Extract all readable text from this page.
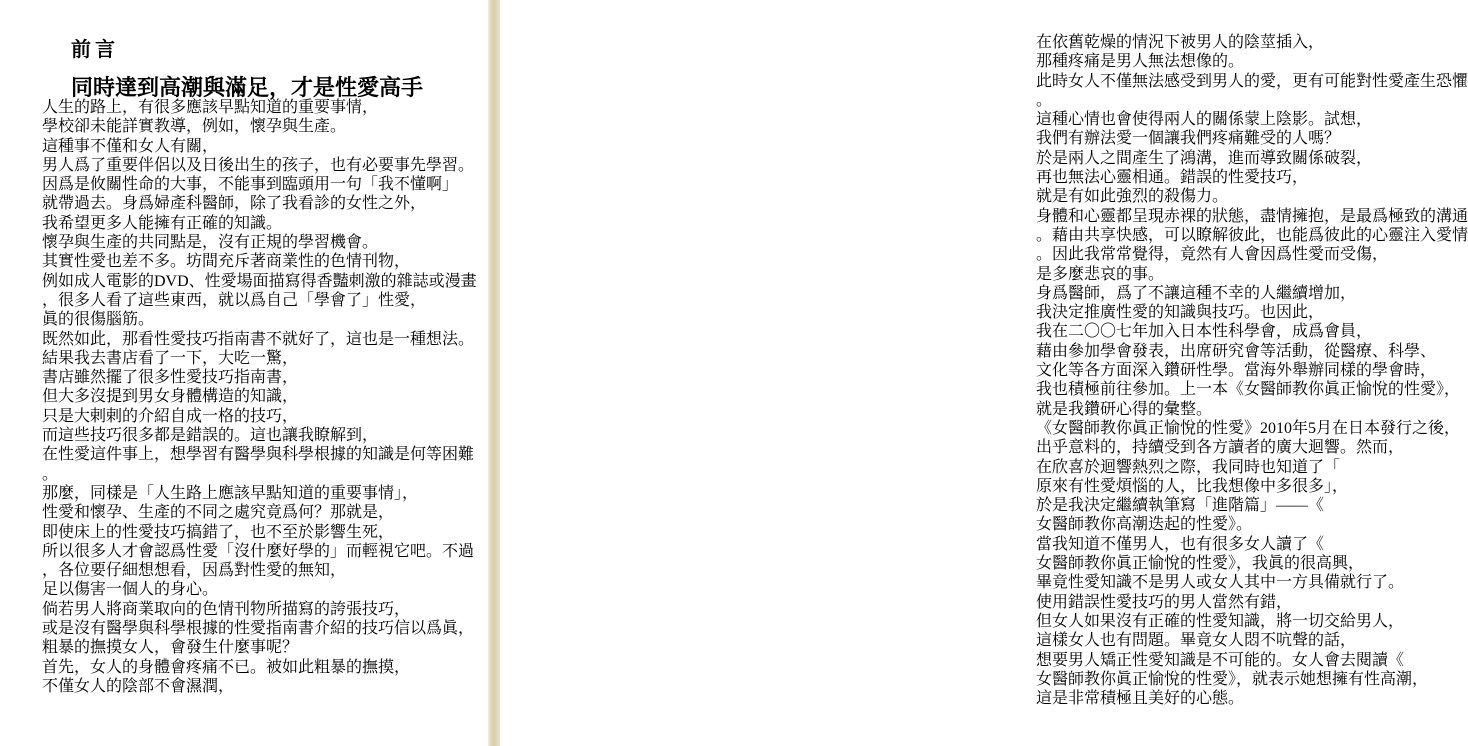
前言
同時達到高潮與滿足，才是性愛高手
人生的路上，有很多應該早點知道的重要事情，
學校卻未能詳實教導，例如，懷孕與生產。
這種事不僅和女人有關，
男人爲了重要伴侶以及日後出生的孩子，也有必要事先學習。
因爲是攸關性命的大事，不能事到臨頭用一句「我不懂啊」
就帶過去。身爲婦產科醫師，除了我看診的女性之外，
我希望更多人能擁有正確的知識。
懷孕與生產的共同點是，沒有正規的學習機會。
其實性愛也差不多。坊間充斥著商業性的色情刊物，
例如成人電影的DVD、性愛場面描寫得香豔刺激的雜誌或漫畫
，很多人看了這些東西，就以爲自己「學會了」性愛，
眞的很傷腦筋。
既然如此，那看性愛技巧指南書不就好了，這也是一種想法。
結果我去書店看了一下，大吃一驚，
書店雖然擺了很多性愛技巧指南書，
但大多沒提到男女身體構造的知識，
只是大剌剌的介紹自成一格的技巧，
而這些技巧很多都是錯誤的。這也讓我瞭解到，
在性愛這件事上，想學習有醫學與科學根據的知識是何等困難
。
那麼，同樣是「人生路上應該早點知道的重要事情」，
性愛和懷孕、生產的不同之處究竟爲何？那就是，
即使床上的性愛技巧搞錯了，也不至於影響生死，
所以很多人才會認爲性愛「沒什麼好學的」而輕視它吧。不過
，各位要仔細想想看，因爲對性愛的無知，
足以傷害一個人的身心。
倘若男人將商業取向的色情刊物所描寫的誇張技巧，
或是沒有醫學與科學根據的性愛指南書介紹的技巧信以爲眞，
粗暴的撫摸女人，會發生什麼事呢？
首先，女人的身體會疼痛不已。被如此粗暴的撫摸，
不僅女人的陰部不會濕潤，
在依舊乾燥的情況下被男人的陰莖插入，
那種疼痛是男人無法想像的。
此時女人不僅無法感受到男人的愛，更有可能對性愛產生恐懼
。
這種心情也會使得兩人的關係蒙上陰影。試想，
我們有辦法愛一個讓我們疼痛難受的人嗎？
於是兩人之間產生了鴻溝，進而導致關係破裂，
再也無法心靈相通。錯誤的性愛技巧，
就是有如此強烈的殺傷力。
身體和心靈都呈現赤裸的狀態，盡情擁抱，是最爲極致的溝通
。藉由共享快感，可以瞭解彼此，也能爲彼此的心靈注入愛情
。因此我常常覺得，竟然有人會因爲性愛而受傷，
是多麼悲哀的事。
身爲醫師，爲了不讓這種不幸的人繼續增加，
我決定推廣性愛的知識與技巧。也因此，
我在二〇〇七年加入日本性科學會，成爲會員，
藉由參加學會發表，出席研究會等活動，從醫療、科學、
文化等各方面深入鑽研性學。當海外舉辦同樣的學會時，
我也積極前往參加。上一本《女醫師教你眞正愉悅的性愛》，
就是我鑽研心得的彙整。
《女醫師教你眞正愉悅的性愛》2010年5月在日本發行之後，
出乎意料的，持續受到各方讀者的廣大迴響。然而，
在欣喜於迴響熱烈之際，我同時也知道了「
原來有性愛煩惱的人，比我想像中多很多」，
於是我決定繼續執筆寫「進階篇」——《
女醫師教你高潮迭起的性愛》。
當我知道不僅男人，也有很多女人讀了《
女醫師教你眞正愉悅的性愛》，我眞的很高興，
畢竟性愛知識不是男人或女人其中一方具備就行了。
使用錯誤性愛技巧的男人當然有錯，
但女人如果沒有正確的性愛知識，將一切交給男人，
這樣女人也有問題。畢竟女人悶不吭聲的話，
想要男人矯正性愛知識是不可能的。女人會去閱讀《
女醫師教你眞正愉悅的性愛》，就表示她想擁有性高潮，
這是非常積極且美好的心態。
